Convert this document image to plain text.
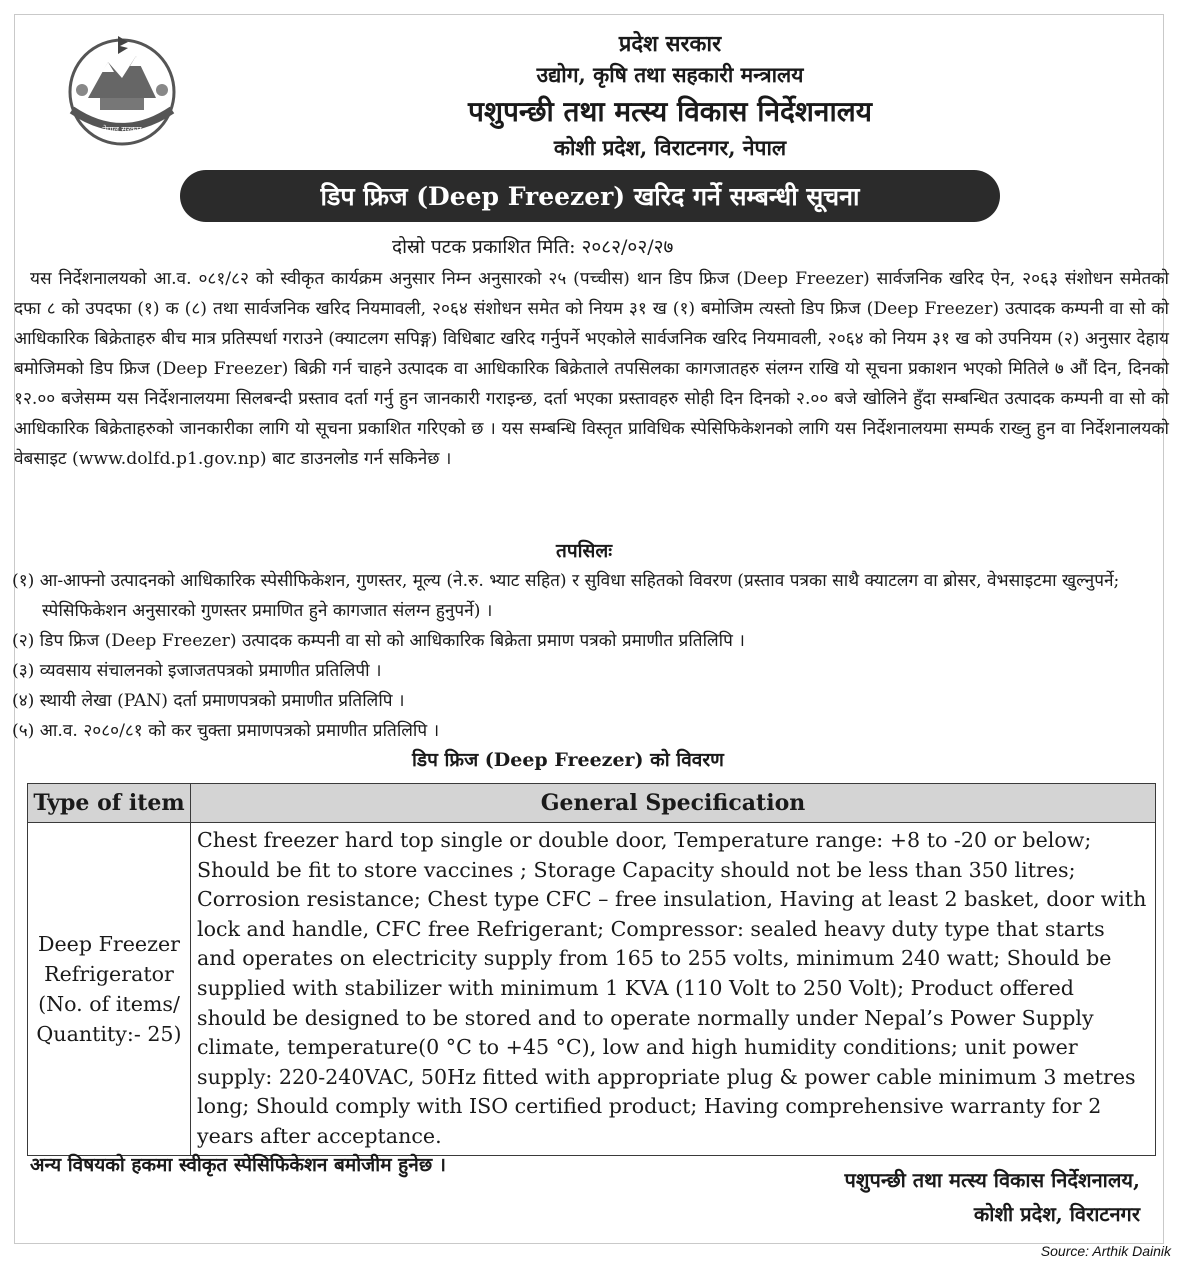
नेपाल सरकार
प्रदेश सरकार
उद्योग, कृषि तथा सहकारी मन्त्रालय
पशुपन्छी तथा मत्स्य विकास निर्देशनालय
कोशी प्रदेश, विराटनगर, नेपाल
डिप फ्रिज (Deep Freezer) खरिद गर्ने सम्बन्धी सूचना
दोस्रो पटक प्रकाशित मिति: २०८२/०२/२७

यस निर्देशनालयको आ.व. ०८१/८२ को स्वीकृत कार्यक्रम अनुसार निम्न अनुसारको २५ (पच्चीस) थान डिप फ्रिज (Deep Freezer) सार्वजनिक खरिद ऐन, २०६३ संशोधन समेतको दफा ८ को उपदफा (१) क (८) तथा सार्वजनिक खरिद नियमावली, २०६४ संशोधन समेत को नियम ३१ ख (१) बमोजिम त्यस्तो डिप फ्रिज (Deep Freezer) उत्पादक कम्पनी वा सो को आधिकारिक बिक्रेताहरु बीच मात्र प्रतिस्पर्धा गराउने (क्याटलग सपिङ्ग) विधिबाट खरिद गर्नुपर्ने भएकोले सार्वजनिक खरिद नियमावली, २०६४ को नियम ३१ ख को उपनियम (२) अनुसार देहाय बमोजिमको डिप फ्रिज (Deep Freezer) बिक्री गर्न चाहने उत्पादक वा आधिकारिक बिक्रेताले तपसिलका कागजातहरु संलग्न राखि यो सूचना प्रकाशन भएको मितिले ७ औं दिन, दिनको १२.०० बजेसम्म यस निर्देशनालयमा सिलबन्दी प्रस्ताव दर्ता गर्नु हुन जानकारी गराइन्छ, दर्ता भएका प्रस्तावहरु सोही दिन दिनको २.०० बजे खोलिने हुँदा सम्बन्धित उत्पादक कम्पनी वा सो को आधिकारिक बिक्रेताहरुको जानकारीका लागि यो सूचना प्रकाशित गरिएको छ । यस सम्बन्धि विस्तृत प्राविधिक स्पेसिफिकेशनको लागि यस निर्देशनालयमा सम्पर्क राख्नु हुन वा निर्देशनालयको वेबसाइट (www.dolfd.p1.gov.np) बाट डाउनलोड गर्न सकिनेछ ।

तपसिलः
(१) आ-आफ्नो उत्पादनको आधिकारिक स्पेसीफिकेशन, गुणस्तर, मूल्य (ने.रु. भ्याट सहित) र सुविधा सहितको विवरण (प्रस्ताव पत्रका साथै क्याटलग वा ब्रोसर, वेभसाइटमा खुल्नुपर्ने; स्पेसिफिकेशन अनुसारको गुणस्तर प्रमाणित हुने कागजात संलग्न हुनुपर्ने) ।
(२) डिप फ्रिज (Deep Freezer) उत्पादक कम्पनी वा सो को आधिकारिक बिक्रेता प्रमाण पत्रको प्रमाणीत प्रतिलिपि ।
(३) व्यवसाय संचालनको इजाजतपत्रको प्रमाणीत प्रतिलिपी ।
(४) स्थायी लेखा (PAN) दर्ता प्रमाणपत्रको प्रमाणीत प्रतिलिपि ।
(५) आ.व. २०८०/८१ को कर चुक्ता प्रमाणपत्रको प्रमाणीत प्रतिलिपि ।
डिप फ्रिज (Deep Freezer) को विवरण
Type of item	General Specification
Deep Freezer Refrigerator (No. of items/ Quantity:- 25)	Chest freezer hard top single or double door, Temperature range: +8 to -20 or below; Should be fit to store vaccines ; Storage Capacity should not be less than 350 litres; Corrosion resistance; Chest type CFC – free insulation, Having at least 2 basket, door with lock and handle, CFC free Refrigerant; Compressor: sealed heavy duty type that starts and operates on electricity supply from 165 to 255 volts, minimum 240 watt; Should be supplied with stabilizer with minimum 1 KVA (110 Volt to 250 Volt); Product offered should be designed to be stored and to operate normally under Nepal’s Power Supply climate, temperature(0 °C to +45 °C), low and high humidity conditions; unit power supply: 220-240VAC, 50Hz fitted with appropriate plug & power cable minimum 3 metres long; Should comply with ISO certified product; Having comprehensive warranty for 2 years after acceptance.
अन्य विषयको हकमा स्वीकृत स्पेसिफिकेशन बमोजीम हुनेछ ।
पशुपन्छी तथा मत्स्य विकास निर्देशनालय,
कोशी प्रदेश, विराटनगर
Source: Arthik Dainik
